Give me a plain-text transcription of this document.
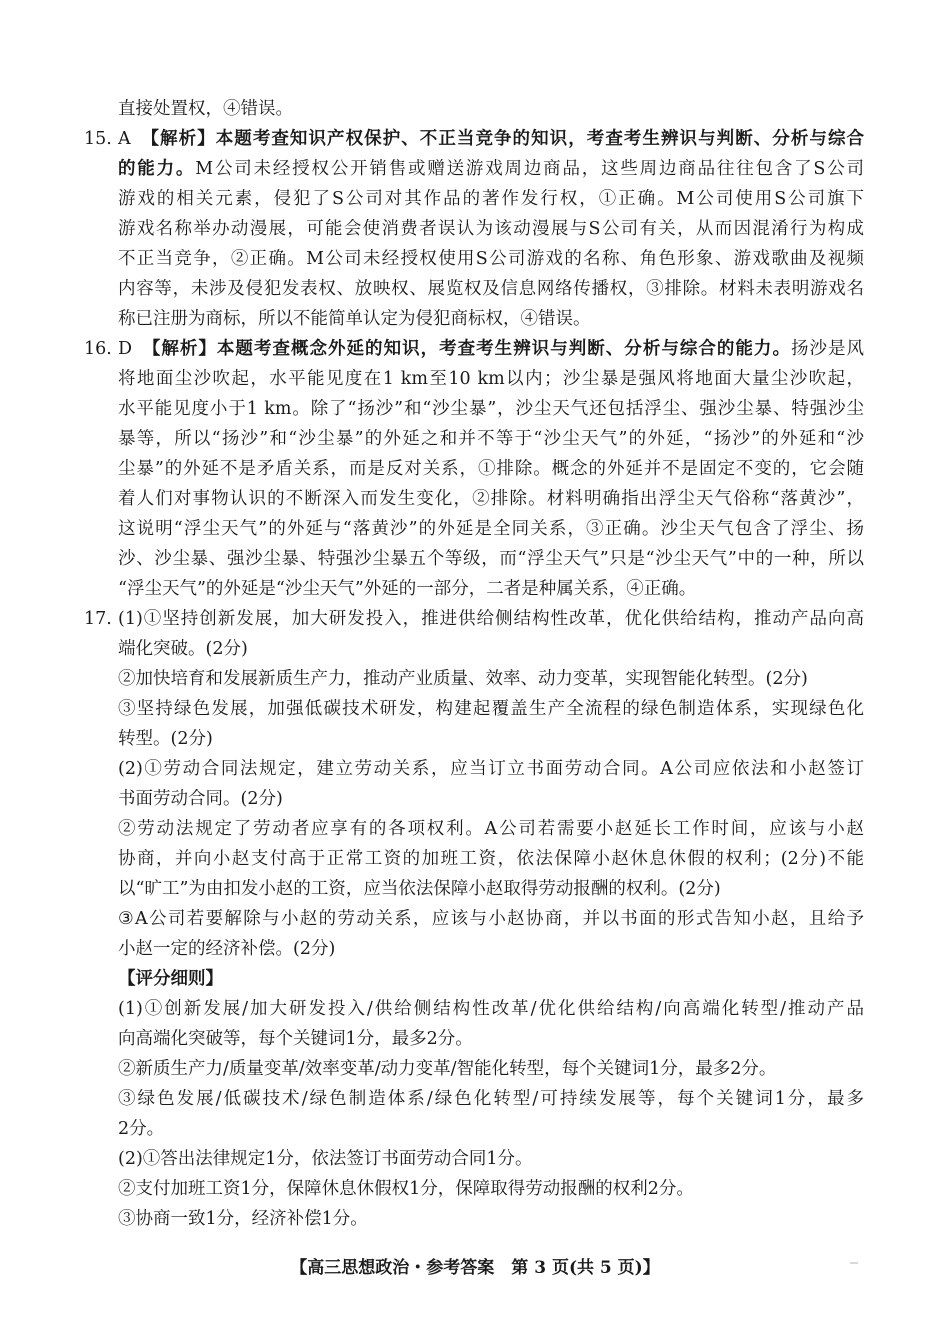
直接处置权，④错误。
15. A　 【解析】本题考查知识产权保护、不正当竞争的知识，考查考生辨识与判断、分析与综合
的能力。M公司未经授权公开销售或赠送游戏周边商品，这些周边商品往往包含了S公司
游戏的相关元素，侵犯了S公司对其作品的著作发行权，①正确。M公司使用S公司旗下
游戏名称举办动漫展，可能会使消费者误认为该动漫展与S公司有关，从而因混淆行为构成
不正当竞争，②正确。M公司未经授权使用S公司游戏的名称、角色形象、游戏歌曲及视频
内容等，未涉及侵犯发表权、放映权、展览权及信息网络传播权，③排除。材料未表明游戏名
称已注册为商标，所以不能简单认定为侵犯商标权，④错误。
16. D　 【解析】本题考查概念外延的知识，考查考生辨识与判断、分析与综合的能力。扬沙是风
将地面尘沙吹起，水平能见度在1 km至10 km以内；沙尘暴是强风将地面大量尘沙吹起，
水平能见度小于1 km。除了“扬沙”和“沙尘暴”，沙尘天气还包括浮尘、强沙尘暴、特强沙尘
暴等，所以“扬沙”和“沙尘暴”的外延之和并不等于“沙尘天气”的外延，“扬沙”的外延和“沙
尘暴”的外延不是矛盾关系，而是反对关系，①排除。概念的外延并不是固定不变的，它会随
着人们对事物认识的不断深入而发生变化，②排除。材料明确指出浮尘天气俗称“落黄沙”，
这说明“浮尘天气”的外延与“落黄沙”的外延是全同关系，③正确。沙尘天气包含了浮尘、扬
沙、沙尘暴、强沙尘暴、特强沙尘暴五个等级，而“浮尘天气”只是“沙尘天气”中的一种，所以
“浮尘天气”的外延是“沙尘天气”外延的一部分，二者是种属关系，④正确。
17. (1)①坚持创新发展，加大研发投入，推进供给侧结构性改革，优化供给结构，推动产品向高
端化突破。(2分)
②加快培育和发展新质生产力，推动产业质量、效率、动力变革，实现智能化转型。(2分)
③坚持绿色发展，加强低碳技术研发，构建起覆盖生产全流程的绿色制造体系，实现绿色化
转型。(2分)
(2)①劳动合同法规定，建立劳动关系，应当订立书面劳动合同。A公司应依法和小赵签订
书面劳动合同。(2分)
②劳动法规定了劳动者应享有的各项权利。A公司若需要小赵延长工作时间，应该与小赵
协商，并向小赵支付高于正常工资的加班工资，依法保障小赵休息休假的权利；(2分)不能
以“旷工”为由扣发小赵的工资，应当依法保障小赵取得劳动报酬的权利。(2分)
③A公司若要解除与小赵的劳动关系，应该与小赵协商，并以书面的形式告知小赵，且给予
小赵一定的经济补偿。(2分)
【评分细则】
(1)①创新发展/加大研发投入/供给侧结构性改革/优化供给结构/向高端化转型/推动产品
向高端化突破等，每个关键词1分，最多2分。
②新质生产力/质量变革/效率变革/动力变革/智能化转型，每个关键词1分，最多2分。
③绿色发展/低碳技术/绿色制造体系/绿色化转型/可持续发展等，每个关键词1分，最多
2分。
(2)①答出法律规定1分，依法签订书面劳动合同1分。
②支付加班工资1分，保障休息休假权1分，保障取得劳动报酬的权利2分。
③协商一致1分，经济补偿1分。
【高三思想政治・参考答案　第 3 页(共 5 页)】
